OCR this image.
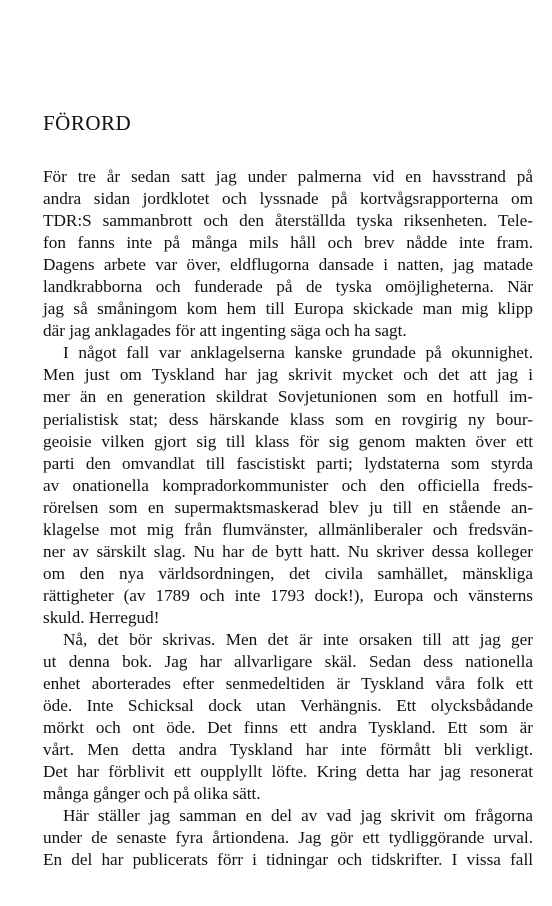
FÖRORD
För tre år sedan satt jag under palmerna vid en havsstrand på
andra sidan jordklotet och lyssnade på kortvågsrapporterna om
TDR:S sammanbrott och den återställda tyska riksenheten. Tele-
fon fanns inte på många mils håll och brev nådde inte fram.
Dagens arbete var över, eldflugorna dansade i natten, jag matade
landkrabborna och funderade på de tyska omöjligheterna. När
jag så småningom kom hem till Europa skickade man mig klipp
där jag anklagades för att ingenting säga och ha sagt.
I något fall var anklagelserna kanske grundade på okunnighet.
Men just om Tyskland har jag skrivit mycket och det att jag i
mer än en generation skildrat Sovjetunionen som en hotfull im-
perialistisk stat; dess härskande klass som en rovgirig ny bour-
geoisie vilken gjort sig till klass för sig genom makten över ett
parti den omvandlat till fascistiskt parti; lydstaterna som styrda
av onationella kompradorkommunister och den officiella freds-
rörelsen som en supermaktsmaskerad blev ju till en stående an-
klagelse mot mig från flumvänster, allmänliberaler och fredsvän-
ner av särskilt slag. Nu har de bytt hatt. Nu skriver dessa kolleger
om den nya världsordningen, det civila samhället, mänskliga
rättigheter (av 1789 och inte 1793 dock!), Europa och vänsterns
skuld. Herregud!
Nå, det bör skrivas. Men det är inte orsaken till att jag ger
ut denna bok. Jag har allvarligare skäl. Sedan dess nationella
enhet aborterades efter senmedeltiden är Tyskland våra folk ett
öde. Inte Schicksal dock utan Verhängnis. Ett olycksbådande
mörkt och ont öde. Det finns ett andra Tyskland. Ett som är
vårt. Men detta andra Tyskland har inte förmått bli verkligt.
Det har förblivit ett oupplyllt löfte. Kring detta har jag resonerat
många gånger och på olika sätt.
Här ställer jag samman en del av vad jag skrivit om frågorna
under de senaste fyra årtiondena. Jag gör ett tydliggörande urval.
En del har publicerats förr i tidningar och tidskrifter. I vissa fall
